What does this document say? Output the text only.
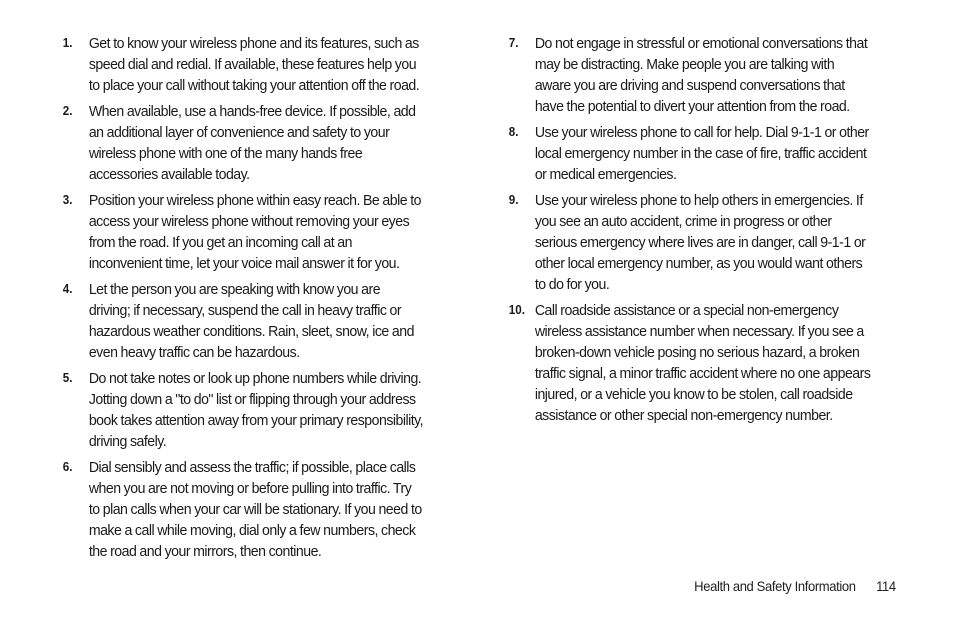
1. Get to know your wireless phone and its features, such as speed dial and redial. If available, these features help you to place your call without taking your attention off the road.
2. When available, use a hands-free device. If possible, add an additional layer of convenience and safety to your wireless phone with one of the many hands free accessories available today.
3. Position your wireless phone within easy reach. Be able to access your wireless phone without removing your eyes from the road. If you get an incoming call at an inconvenient time, let your voice mail answer it for you.
4. Let the person you are speaking with know you are driving; if necessary, suspend the call in heavy traffic or hazardous weather conditions. Rain, sleet, snow, ice and even heavy traffic can be hazardous.
5. Do not take notes or look up phone numbers while driving. Jotting down a "to do" list or flipping through your address book takes attention away from your primary responsibility, driving safely.
6. Dial sensibly and assess the traffic; if possible, place calls when you are not moving or before pulling into traffic. Try to plan calls when your car will be stationary. If you need to make a call while moving, dial only a few numbers, check the road and your mirrors, then continue.
7. Do not engage in stressful or emotional conversations that may be distracting. Make people you are talking with aware you are driving and suspend conversations that have the potential to divert your attention from the road.
8. Use your wireless phone to call for help. Dial 9-1-1 or other local emergency number in the case of fire, traffic accident or medical emergencies.
9. Use your wireless phone to help others in emergencies. If you see an auto accident, crime in progress or other serious emergency where lives are in danger, call 9-1-1 or other local emergency number, as you would want others to do for you.
10. Call roadside assistance or a special non-emergency wireless assistance number when necessary. If you see a broken-down vehicle posing no serious hazard, a broken traffic signal, a minor traffic accident where no one appears injured, or a vehicle you know to be stolen, call roadside assistance or other special non-emergency number.
Health and Safety Information 114
